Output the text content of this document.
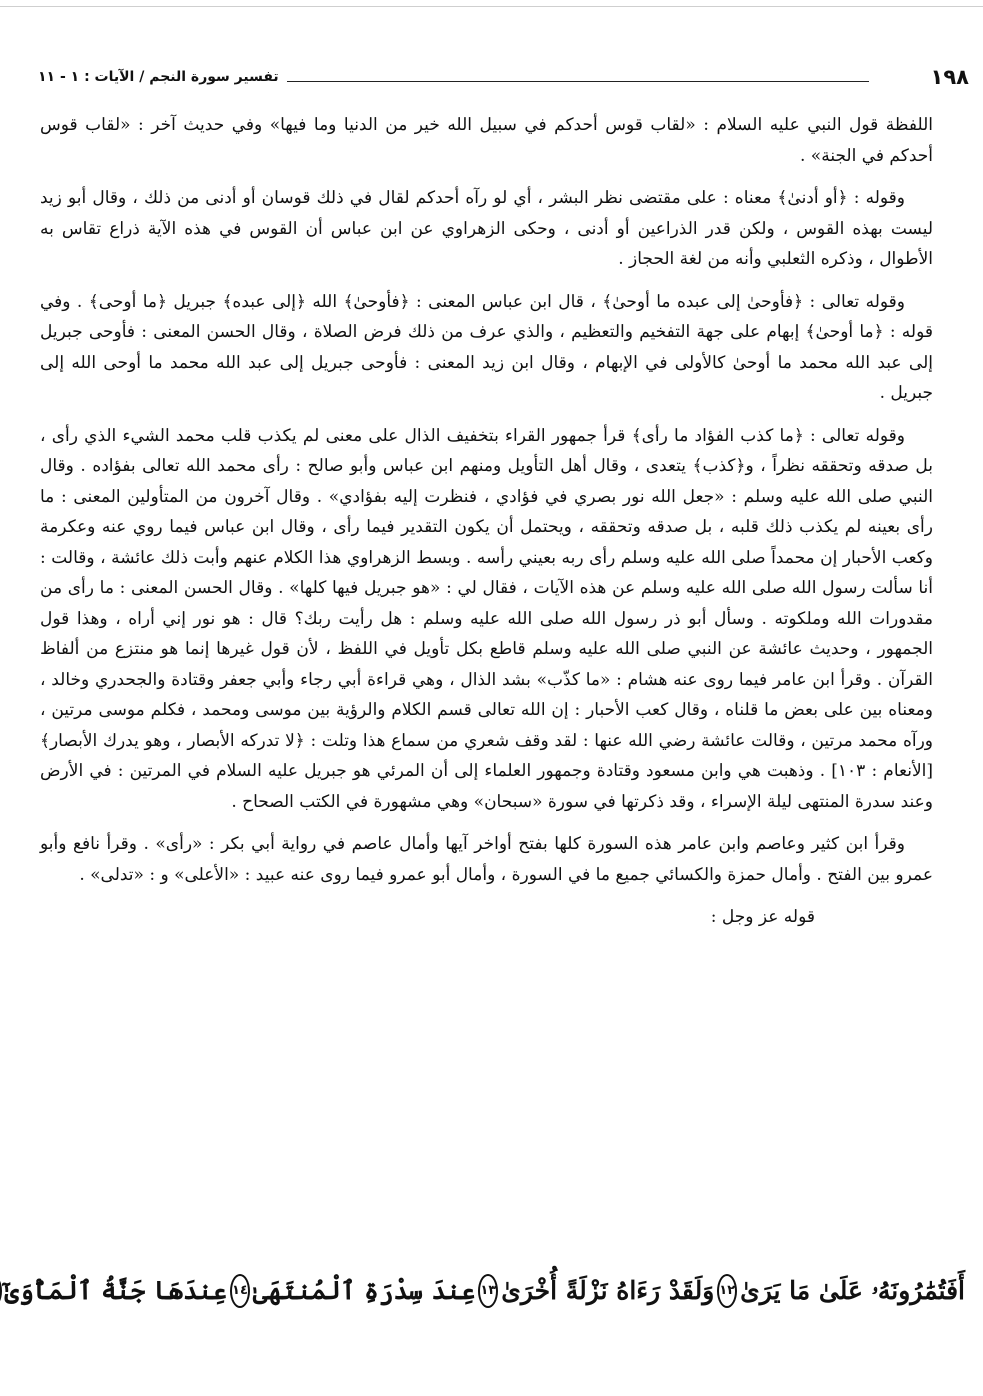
١٩٨
تفسير سورة النجم / الآيات : ١ - ١١

اللفظة قول النبي عليه السلام : «لقاب قوس أحدكم في سبيل الله خير من الدنيا وما فيها» وفي حديث آخر : «لقاب قوس أحدكم في الجنة» .

وقوله : ﴿أو أدنىٰ﴾ معناه : على مقتضى نظر البشر ، أي لو رآه أحدكم لقال في ذلك قوسان أو أدنى من ذلك ، وقال أبو زيد ليست بهذه القوس ، ولكن قدر الذراعين أو أدنى ، وحكى الزهراوي عن ابن عباس أن القوس في هذه الآية ذراع تقاس به الأطوال ، وذكره الثعلبي وأنه من لغة الحجاز .

وقوله تعالى : ﴿فأوحىٰ إلى عبده ما أوحىٰ﴾ ، قال ابن عباس المعنى : ﴿فأوحىٰ﴾ الله ﴿إلى عبده﴾ جبريل ﴿ما أوحى﴾ . وفي قوله : ﴿ما أوحىٰ﴾ إبهام على جهة التفخيم والتعظيم ، والذي عرف من ذلك فرض الصلاة ، وقال الحسن المعنى : فأوحى جبريل إلى عبد الله محمد ما أوحىٰ كالأولى في الإبهام ، وقال ابن زيد المعنى : فأوحى جبريل إلى عبد الله محمد ما أوحى الله إلى جبريل .

وقوله تعالى : ﴿ما كذب الفؤاد ما رأى﴾ قرأ جمهور القراء بتخفيف الذال على معنى لم يكذب قلب محمد الشيء الذي رأى ، بل صدقه وتحققه نظراً ، و﴿كذب﴾ يتعدى ، وقال أهل التأويل ومنهم ابن عباس وأبو صالح : رأى محمد الله تعالى بفؤاده . وقال النبي صلى الله عليه وسلم : «جعل الله نور بصري في فؤادي ، فنظرت إليه بفؤادي» . وقال آخرون من المتأولين المعنى : ما رأى بعينه لم يكذب ذلك قلبه ، بل صدقه وتحققه ، ويحتمل أن يكون التقدير فيما رأى ، وقال ابن عباس فيما روي عنه وعكرمة وكعب الأحبار إن محمداً صلى الله عليه وسلم رأى ربه بعيني رأسه . وبسط الزهراوي هذا الكلام عنهم وأبت ذلك عائشة ، وقالت : أنا سألت رسول الله صلى الله عليه وسلم عن هذه الآيات ، فقال لي : «هو جبريل فيها كلها» . وقال الحسن المعنى : ما رأى من مقدورات الله وملكوته . وسأل أبو ذر رسول الله صلى الله عليه وسلم : هل رأيت ربك؟ قال : هو نور إني أراه ، وهذا قول الجمهور ، وحديث عائشة عن النبي صلى الله عليه وسلم قاطع بكل تأويل في اللفظ ، لأن قول غيرها إنما هو منتزع من ألفاظ القرآن . وقرأ ابن عامر فيما روى عنه هشام : «ما كذّب» بشد الذال ، وهي قراءة أبي رجاء وأبي جعفر وقتادة والجحدري وخالد ، ومعناه بين على بعض ما قلناه ، وقال كعب الأحبار : إن الله تعالى قسم الكلام والرؤية بين موسى ومحمد ، فكلم موسى مرتين ، ورآه محمد مرتين ، وقالت عائشة رضي الله عنها : لقد وقف شعري من سماع هذا وتلت : ﴿لا تدركه الأبصار ، وهو يدرك الأبصار﴾ [الأنعام : ١٠٣] . وذهبت هي وابن مسعود وقتادة وجمهور العلماء إلى أن المرئي هو جبريل عليه السلام في المرتين : في الأرض وعند سدرة المنتهى ليلة الإسراء ، وقد ذكرتها في سورة «سبحان» وهي مشهورة في الكتب الصحاح .

وقرأ ابن كثير وعاصم وابن عامر هذه السورة كلها بفتح أواخر آيها وأمال عاصم في رواية أبي بكر : «رأى» . وقرأ نافع وأبو عمرو بين الفتح . وأمال حمزة والكسائي جميع ما في السورة ، وأمال أبو عمرو فيما روى عنه عبيد : «الأعلى» و : «تدلى» .

قوله عز وجل :

أَفَتُمَٰرُونَهُۥ عَلَىٰ مَا يَرَىٰ
١٢
وَلَقَدْ رَءَاهُ نَزْلَةً أُخْرَىٰ
١٣
عِندَ سِدْرَةِ ٱلْمُنتَهَىٰ
١٤
عِندَهَا جَنَّةُ ٱلْمَأْوَىٰٓ
